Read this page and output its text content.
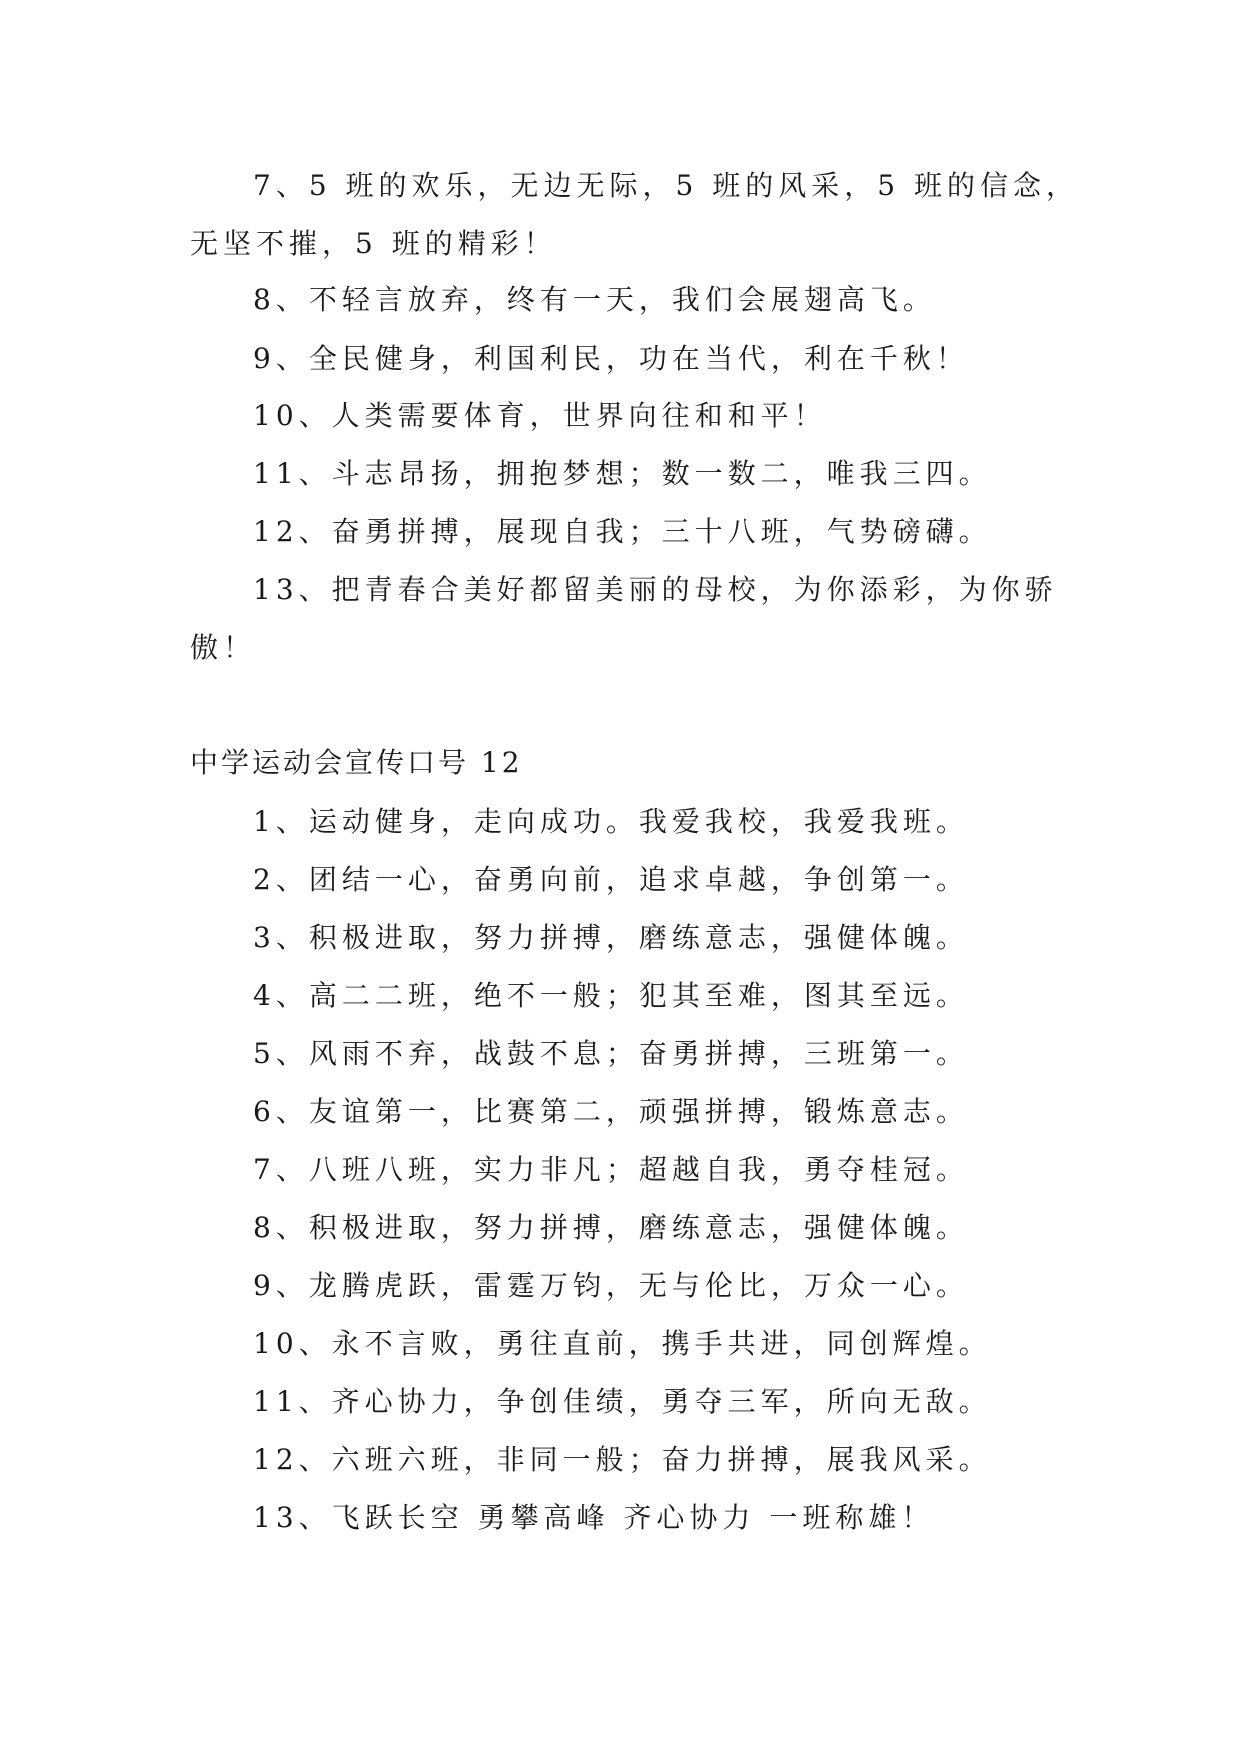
7、5 班的欢乐，无边无际，5 班的风采，5 班的信念，
无坚不摧，5 班的精彩！
8、不轻言放弃，终有一天，我们会展翅高飞。
9、全民健身，利国利民，功在当代，利在千秋！
10、人类需要体育，世界向往和和平！
11、斗志昂扬，拥抱梦想；数一数二，唯我三四。
12、奋勇拼搏，展现自我；三十八班，气势磅礴。
13、把青春合美好都留美丽的母校，为你添彩，为你骄
傲！
中学运动会宣传口号 12
1、运动健身，走向成功。我爱我校，我爱我班。
2、团结一心，奋勇向前，追求卓越，争创第一。
3、积极进取，努力拼搏，磨练意志，强健体魄。
4、高二二班，绝不一般；犯其至难，图其至远。
5、风雨不弃，战鼓不息；奋勇拼搏，三班第一。
6、友谊第一，比赛第二，顽强拼搏，锻炼意志。
7、八班八班，实力非凡；超越自我，勇夺桂冠。
8、积极进取，努力拼搏，磨练意志，强健体魄。
9、龙腾虎跃，雷霆万钧，无与伦比，万众一心。
10、永不言败，勇往直前，携手共进，同创辉煌。
11、齐心协力，争创佳绩，勇夺三军，所向无敌。
12、六班六班，非同一般；奋力拼搏，展我风采。
13、飞跃长空 勇攀高峰 齐心协力 一班称雄！
